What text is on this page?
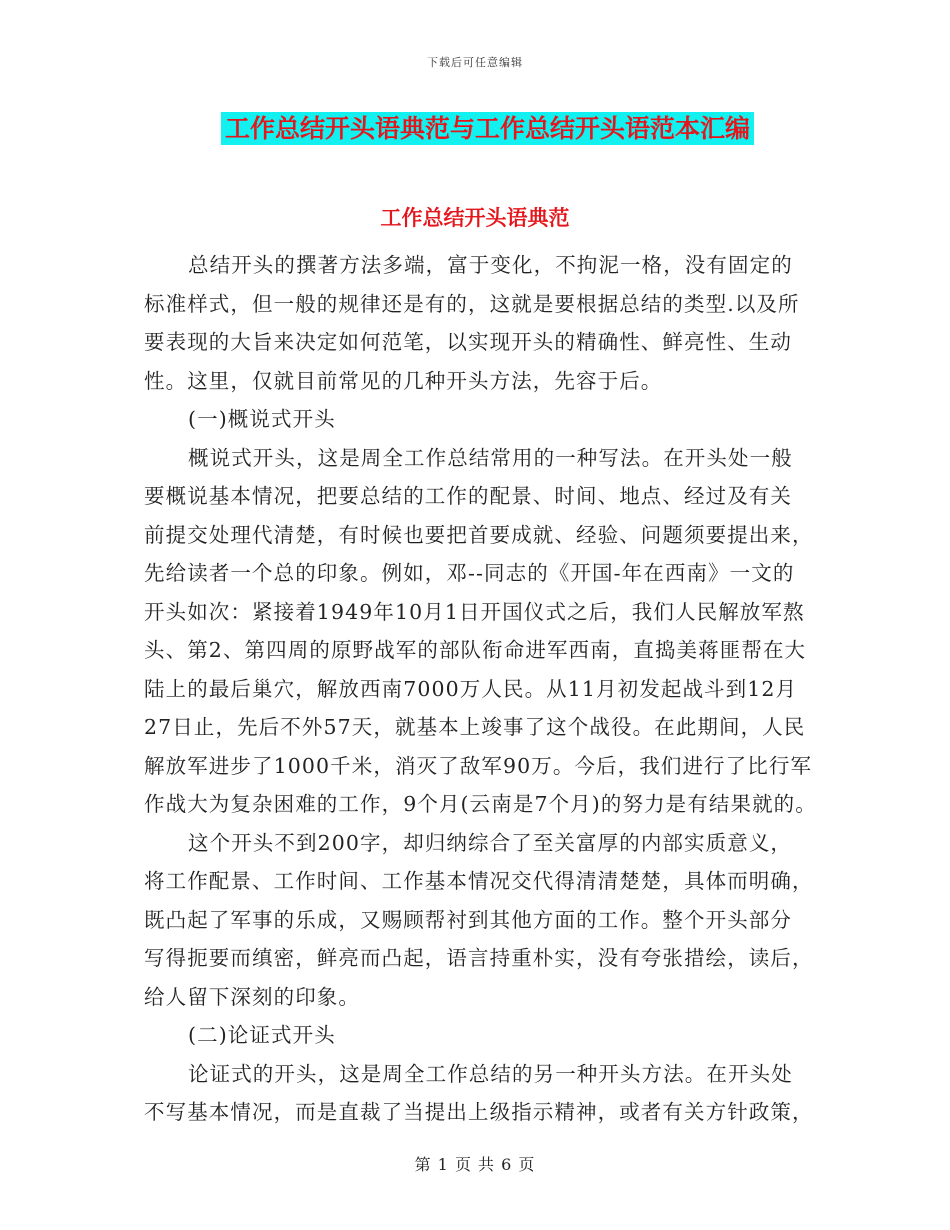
下载后可任意编辑
工作总结开头语典范与工作总结开头语范本汇编
工作总结开头语典范
总结开头的撰著方法多端，富于变化，不拘泥一格，没有固定的
标准样式，但一般的规律还是有的，这就是要根据总结的类型.以及所
要表现的大旨来决定如何范笔，以实现开头的精确性、鲜亮性、生动
性。这里，仅就目前常见的几种开头方法，先容于后。
(一)概说式开头
概说式开头，这是周全工作总结常用的一种写法。在开头处一般
要概说基本情况，把要总结的工作的配景、时间、地点、经过及有关
前提交处理代清楚，有时候也要把首要成就、经验、问题须要提出来，
先给读者一个总的印象。例如，邓--同志的《开国-年在西南》一文的
开头如次：紧接着1949年10月1日开国仪式之后，我们人民解放军熬
头、第2、第四周的原野战军的部队衔命进军西南，直捣美蒋匪帮在大
陆上的最后巢穴，解放西南7000万人民。从11月初发起战斗到12月
27日止，先后不外57天，就基本上竣事了这个战役。在此期间，人民
解放军进步了1000千米，消灭了敌军90万。今后，我们进行了比行军
作战大为复杂困难的工作，9个月(云南是7个月)的努力是有结果就的。
这个开头不到200字，却归纳综合了至关富厚的内部实质意义，
将工作配景、工作时间、工作基本情况交代得清清楚楚，具体而明确，
既凸起了军事的乐成，又赐顾帮衬到其他方面的工作。整个开头部分
写得扼要而缜密，鲜亮而凸起，语言持重朴实，没有夸张措绘，读后，
给人留下深刻的印象。
(二)论证式开头
论证式的开头，这是周全工作总结的另一种开头方法。在开头处
不写基本情况，而是直裁了当提出上级指示精神，或者有关方针政策，
第 1 页 共 6 页
